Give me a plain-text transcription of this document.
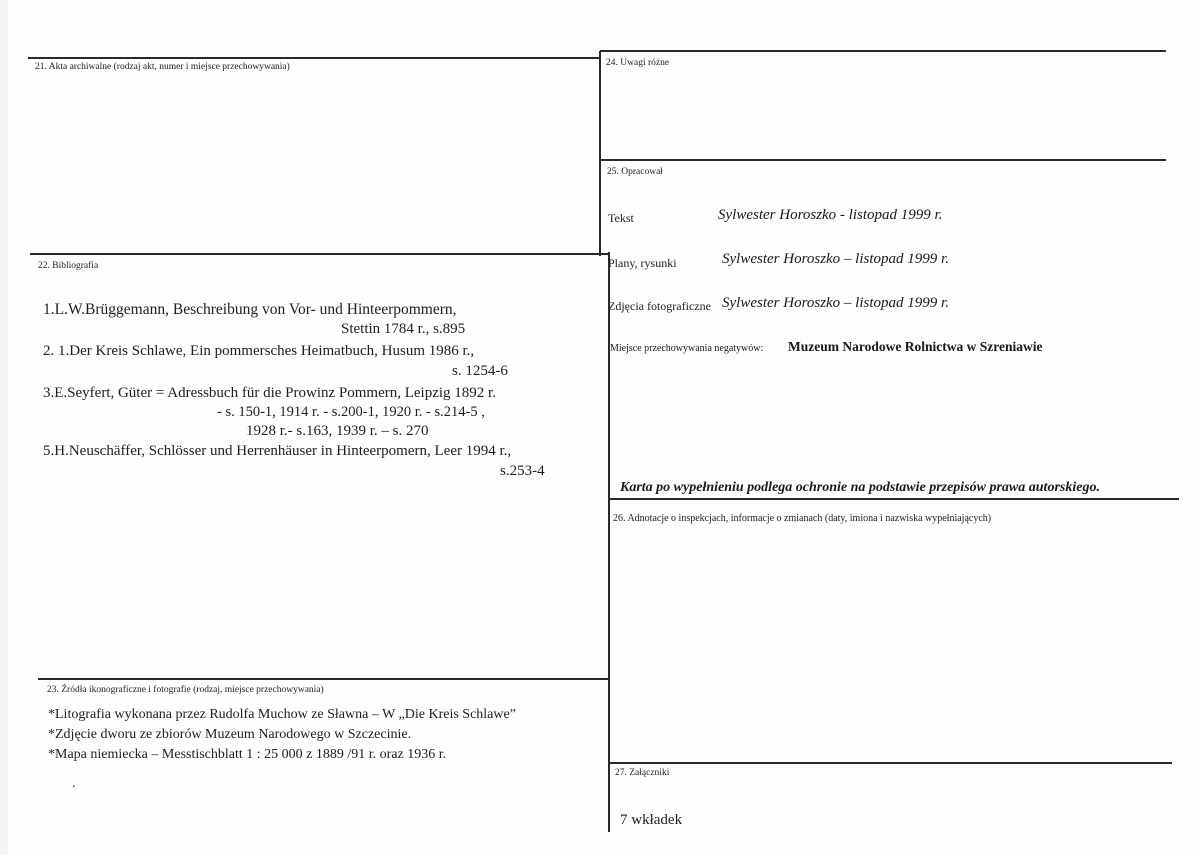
21. Akta archiwalne (rodzaj akt, numer i miejsce przechowywania)
22. Bibliografia
1.L.W.Brüggemann, Beschreibung von Vor- und Hinteerpommern,
Stettin 1784 r., s.895
2. 1.Der Kreis Schlawe, Ein pommersches Heimatbuch, Husum 1986 r.,
s. 1254-6
3.E.Seyfert, Güter = Adressbuch für die Prowinz Pommern, Leipzig 1892 r.
- s. 150-1, 1914 r. - s.200-1, 1920 r. - s.214-5 ,
1928 r.- s.163, 1939 r. – s. 270
5.H.Neuschäffer, Schlösser und Herrenhäuser in Hinteerpomern, Leer 1994 r.,
s.253-4
23. Źródła ikonograficzne i fotografie (rodzaj, miejsce przechowywania)
*Litografia wykonana przez Rudolfa Muchow ze Sławna – W „Die Kreis Schlawe”
*Zdjęcie dworu ze zbiorów Muzeum Narodowego w Szczecinie.
*Mapa niemiecka – Messtischblatt 1 : 25 000 z 1889 /91 r. oraz 1936 r.
.
24. Uwagi różne
25. Opracował
Tekst	Sylwester Horoszko - listopad 1999 r.
Plany, rysunki	Sylwester Horoszko – listopad 1999 r.
Zdjęcia fotograficzne Sylwester Horoszko – listopad 1999 r.
Miejsce przechowywania negatywów: Muzeum Narodowe Rolnictwa w Szreniawie
Karta po wypełnieniu podlega ochronie na podstawie przepisów prawa autorskiego.
26. Adnotacje o inspekcjach, informacje o zmianach (daty, imiona i nazwiska wypełniających)
27. Załączniki
7 wkładek
